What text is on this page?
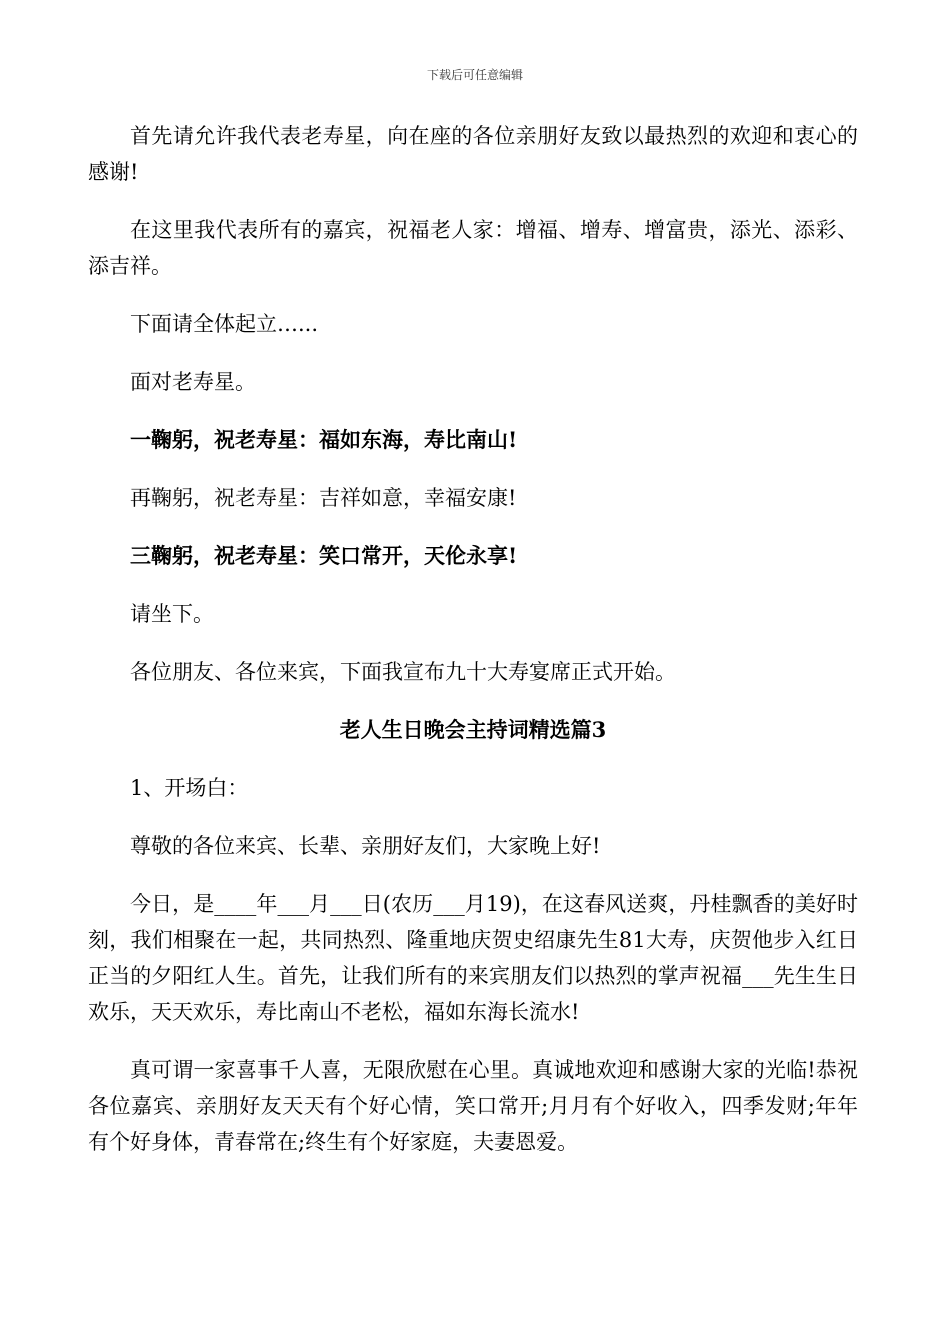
下载后可任意编辑

首先请允许我代表老寿星，向在座的各位亲朋好友致以最热烈的欢迎和衷心的感谢!

在这里我代表所有的嘉宾，祝福老人家：增福、增寿、增富贵，添光、添彩、添吉祥。

下面请全体起立…...

面对老寿星。

一鞠躬，祝老寿星：福如东海，寿比南山!

再鞠躬，祝老寿星：吉祥如意，幸福安康!

三鞠躬，祝老寿星：笑口常开，天伦永享!

请坐下。

各位朋友、各位来宾，下面我宣布九十大寿宴席正式开始。

老人生日晚会主持词精选篇3

1、开场白：

尊敬的各位来宾、长辈、亲朋好友们，大家晚上好!

今日，是____年___月___日(农历___月19)，在这春风送爽，丹桂飘香的美好时刻，我们相聚在一起，共同热烈、隆重地庆贺史绍康先生81大寿，庆贺他步入红日正当的夕阳红人生。首先，让我们所有的来宾朋友们以热烈的掌声祝福___先生生日欢乐，天天欢乐，寿比南山不老松，福如东海长流水!

真可谓一家喜事千人喜，无限欣慰在心里。真诚地欢迎和感谢大家的光临!恭祝各位嘉宾、亲朋好友天天有个好心情，笑口常开;月月有个好收入，四季发财;年年有个好身体，青春常在;终生有个好家庭，夫妻恩爱。
